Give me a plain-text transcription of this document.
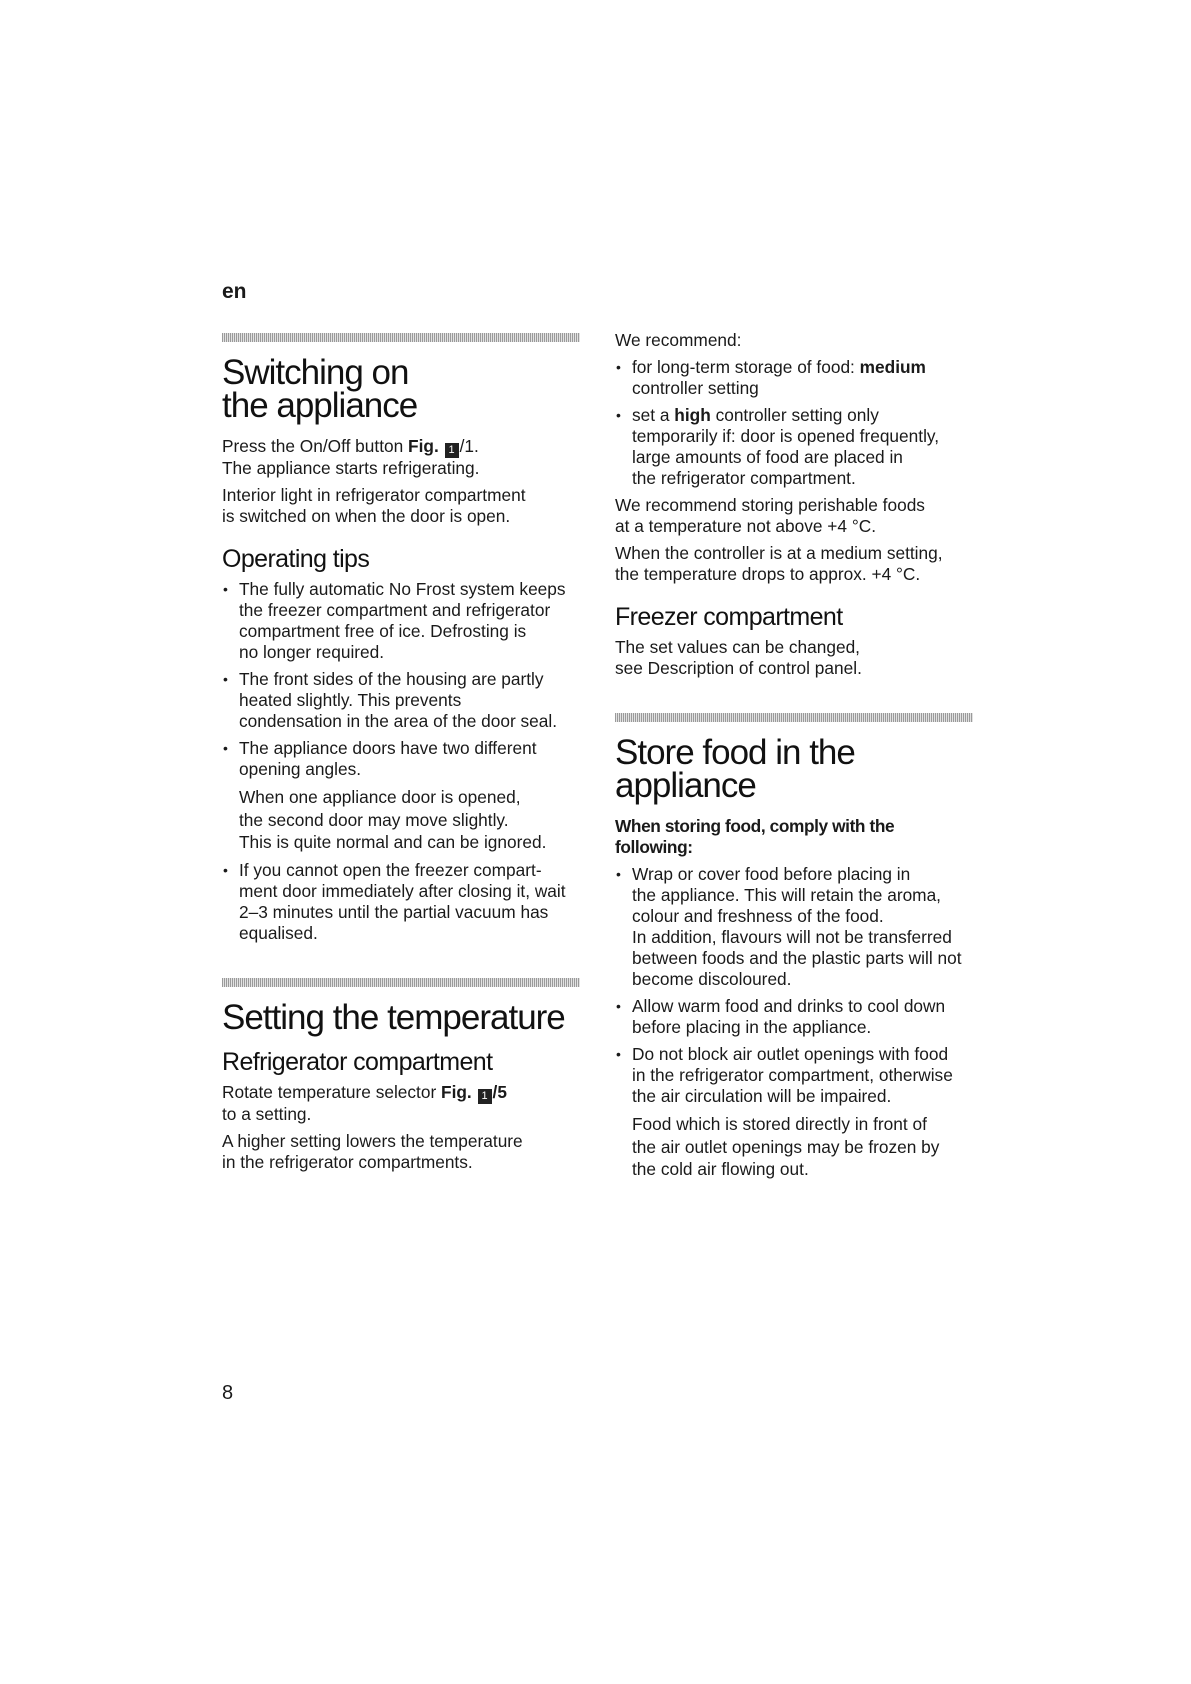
en
Switching on
the appliance

Press the On/Off button Fig. 1 /1.
The appliance starts refrigerating.

Interior light in refrigerator compartment
is switched on when the door is open.

Operating tips
• The fully automatic No Frost system keeps
the freezer compartment and refrigerator
compartment free of ice. Defrosting is
no longer required.
• The front sides of the housing are partly
heated slightly. This prevents
condensation in the area of the door seal.
• The appliance doors have two different
opening angles.
When one appliance door is opened,
the second door may move slightly.
This is quite normal and can be ignored.
• If you cannot open the freezer compart-
ment door immediately after closing it, wait
2–3 minutes until the partial vacuum has
equalised.
Setting the temperature
Refrigerator compartment

Rotate temperature selector Fig. 1 /5
to a setting.

A higher setting lowers the temperature
in the refrigerator compartments.

We recommend:

• for long-term storage of food: medium
controller setting
• set a high controller setting only
temporarily if: door is opened frequently,
large amounts of food are placed in
the refrigerator compartment.

We recommend storing perishable foods
at a temperature not above +4 °C.

When the controller is at a medium setting,
the temperature drops to approx. +4 °C.

Freezer compartment

The set values can be changed,
see Description of control panel.

Store food in the
appliance

When storing food, comply with the following:

• Wrap or cover food before placing in
the appliance. This will retain the aroma,
colour and freshness of the food.
In addition, flavours will not be transferred
between foods and the plastic parts will not
become discoloured.
• Allow warm food and drinks to cool down
before placing in the appliance.
• Do not block air outlet openings with food
in the refrigerator compartment, otherwise
the air circulation will be impaired.
Food which is stored directly in front of
the air outlet openings may be frozen by
the cold air flowing out.
8
